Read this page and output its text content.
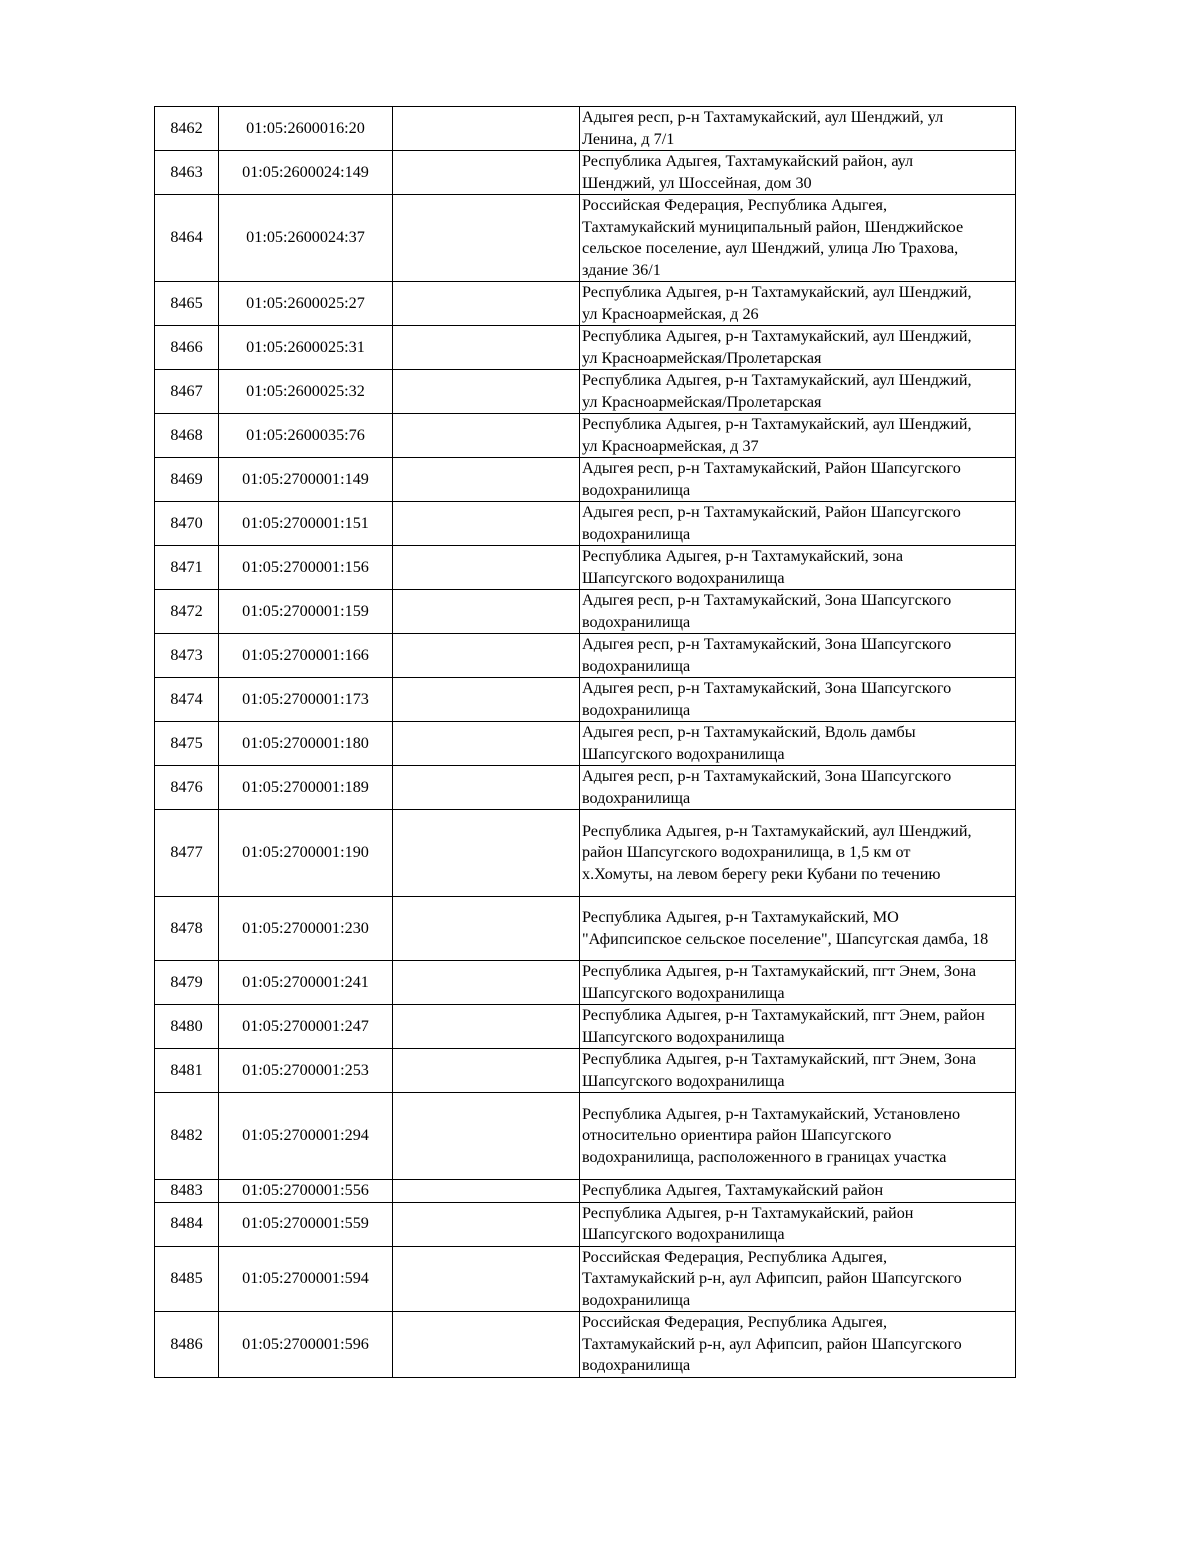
8462	01:05:2600016:20		Адыгея респ, р-н Тахтамукайский, аул Шенджий, ул
Ленина, д 7/1

8463	01:05:2600024:149		Республика Адыгея, Тахтамукайский район, аул
Шенджий, ул Шоссейная, дом 30

8464	01:05:2600024:37		Российская Федерация, Республика Адыгея,
Тахтамукайский муниципальный район, Шенджийское
сельское поселение, аул Шенджий, улица Лю Трахова,
здание 36/1

8465	01:05:2600025:27		Республика Адыгея, р-н Тахтамукайский, аул Шенджий,
ул Красноармейская, д 26

8466	01:05:2600025:31		Республика Адыгея, р-н Тахтамукайский, аул Шенджий,
ул Красноармейская/Пролетарская

8467	01:05:2600025:32		Республика Адыгея, р-н Тахтамукайский, аул Шенджий,
ул Красноармейская/Пролетарская

8468	01:05:2600035:76		Республика Адыгея, р-н Тахтамукайский, аул Шенджий,
ул Красноармейская, д 37

8469	01:05:2700001:149		Адыгея респ, р-н Тахтамукайский, Район Шапсугского
водохранилища

8470	01:05:2700001:151		Адыгея респ, р-н Тахтамукайский, Район Шапсугского
водохранилища

8471	01:05:2700001:156		Республика Адыгея, р-н Тахтамукайский, зона
Шапсугского водохранилища

8472	01:05:2700001:159		Адыгея респ, р-н Тахтамукайский, Зона Шапсугского
водохранилища

8473	01:05:2700001:166		Адыгея респ, р-н Тахтамукайский, Зона Шапсугского
водохранилища

8474	01:05:2700001:173		Адыгея респ, р-н Тахтамукайский, Зона Шапсугского
водохранилища

8475	01:05:2700001:180		Адыгея респ, р-н Тахтамукайский, Вдоль дамбы
Шапсугского водохранилища

8476	01:05:2700001:189		Адыгея респ, р-н Тахтамукайский, Зона Шапсугского
водохранилища

8477	01:05:2700001:190		Республика Адыгея, р-н Тахтамукайский, аул Шенджий,
район Шапсугского водохранилища, в 1,5 км от
х.Хомуты, на левом берегу реки Кубани по течению

8478	01:05:2700001:230		Республика Адыгея, р-н Тахтамукайский, МО
"Афипсипское сельское поселение", Шапсугская дамба, 18

8479	01:05:2700001:241		Республика Адыгея, р-н Тахтамукайский, пгт Энем, Зона
Шапсугского водохранилища

8480	01:05:2700001:247		Республика Адыгея, р-н Тахтамукайский, пгт Энем, район
Шапсугского водохранилища

8481	01:05:2700001:253		Республика Адыгея, р-н Тахтамукайский, пгт Энем, Зона
Шапсугского водохранилища

8482	01:05:2700001:294		Республика Адыгея, р-н Тахтамукайский, Установлено
относительно ориентира район Шапсугского
водохранилища, расположенного в границах участка

8483	01:05:2700001:556		Республика Адыгея, Тахтамукайский район

8484	01:05:2700001:559		Республика Адыгея, р-н Тахтамукайский, район
Шапсугского водохранилища

8485	01:05:2700001:594		Российская Федерация, Республика Адыгея,
Тахтамукайский р-н, аул Афипсип, район Шапсугского
водохранилища

8486	01:05:2700001:596		Российская Федерация, Республика Адыгея,
Тахтамукайский р-н, аул Афипсип, район Шапсугского
водохранилища
